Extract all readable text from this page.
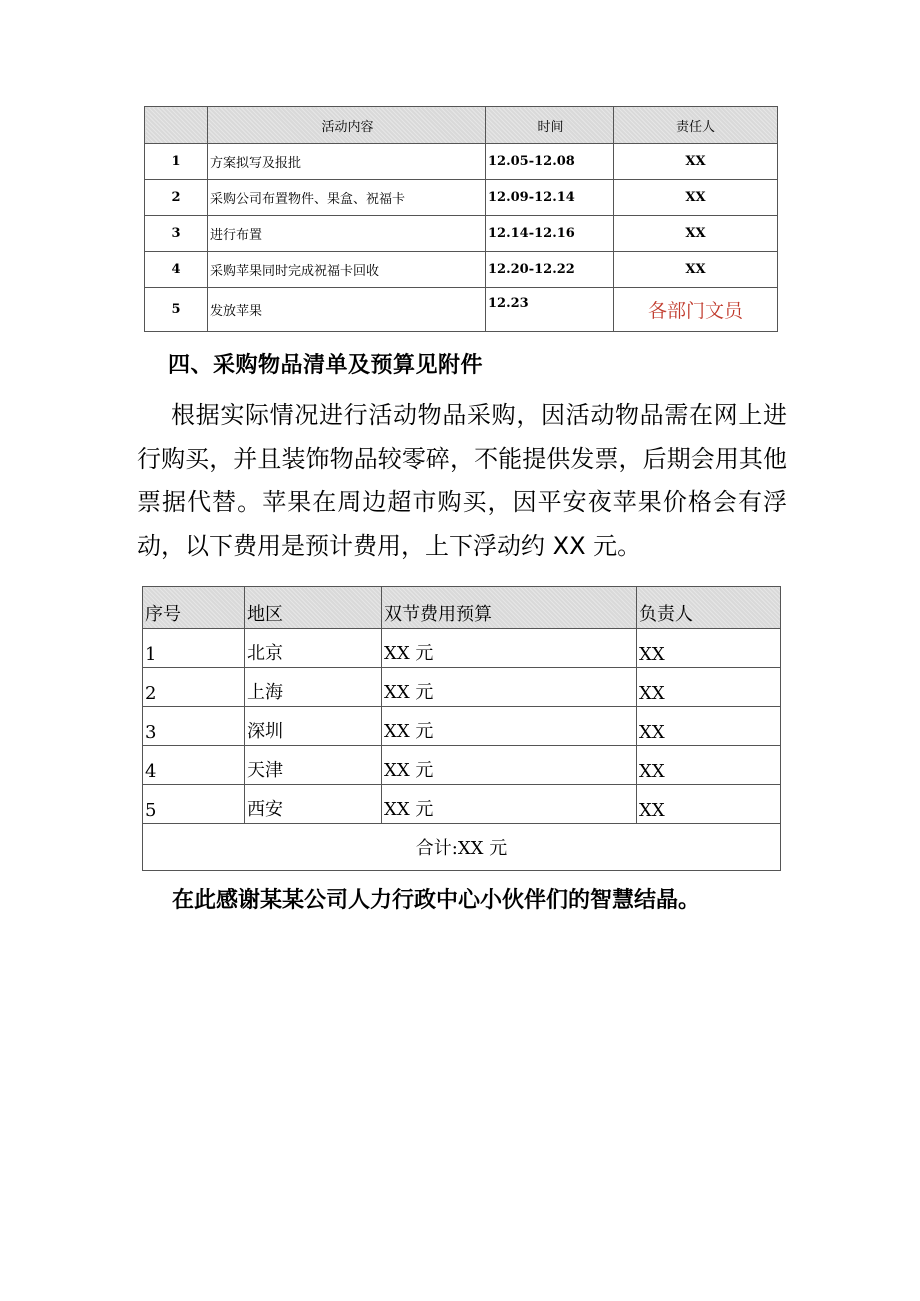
	活动内容	时间	责任人
1	方案拟写及报批	12.05-12.08	XX
2	采购公司布置物件、果盒、祝福卡	12.09-12.14	XX
3	进行布置	12.14-12.16	XX
4	采购苹果同时完成祝福卡回收	12.20-12.22	XX
5	发放苹果	12.23	各部门文员
四、采购物品清单及预算见附件

根据实际情况进行活动物品采购，因活动物品需在网上进行购买，并且装饰物品较零碎，不能提供发票，后期会用其他票据代替。苹果在周边超市购买，因平安夜苹果价格会有浮动，以下费用是预计费用，上下浮动约 XX 元。

序号	地区	双节费用预算	负责人
1	北京	XX 元	XX
2	上海	XX 元	XX
3	深圳	XX 元	XX
4	天津	XX 元	XX
5	西安	XX 元	XX
合计:XX 元			
在此感谢某某公司人力行政中心小伙伴们的智慧结晶。
